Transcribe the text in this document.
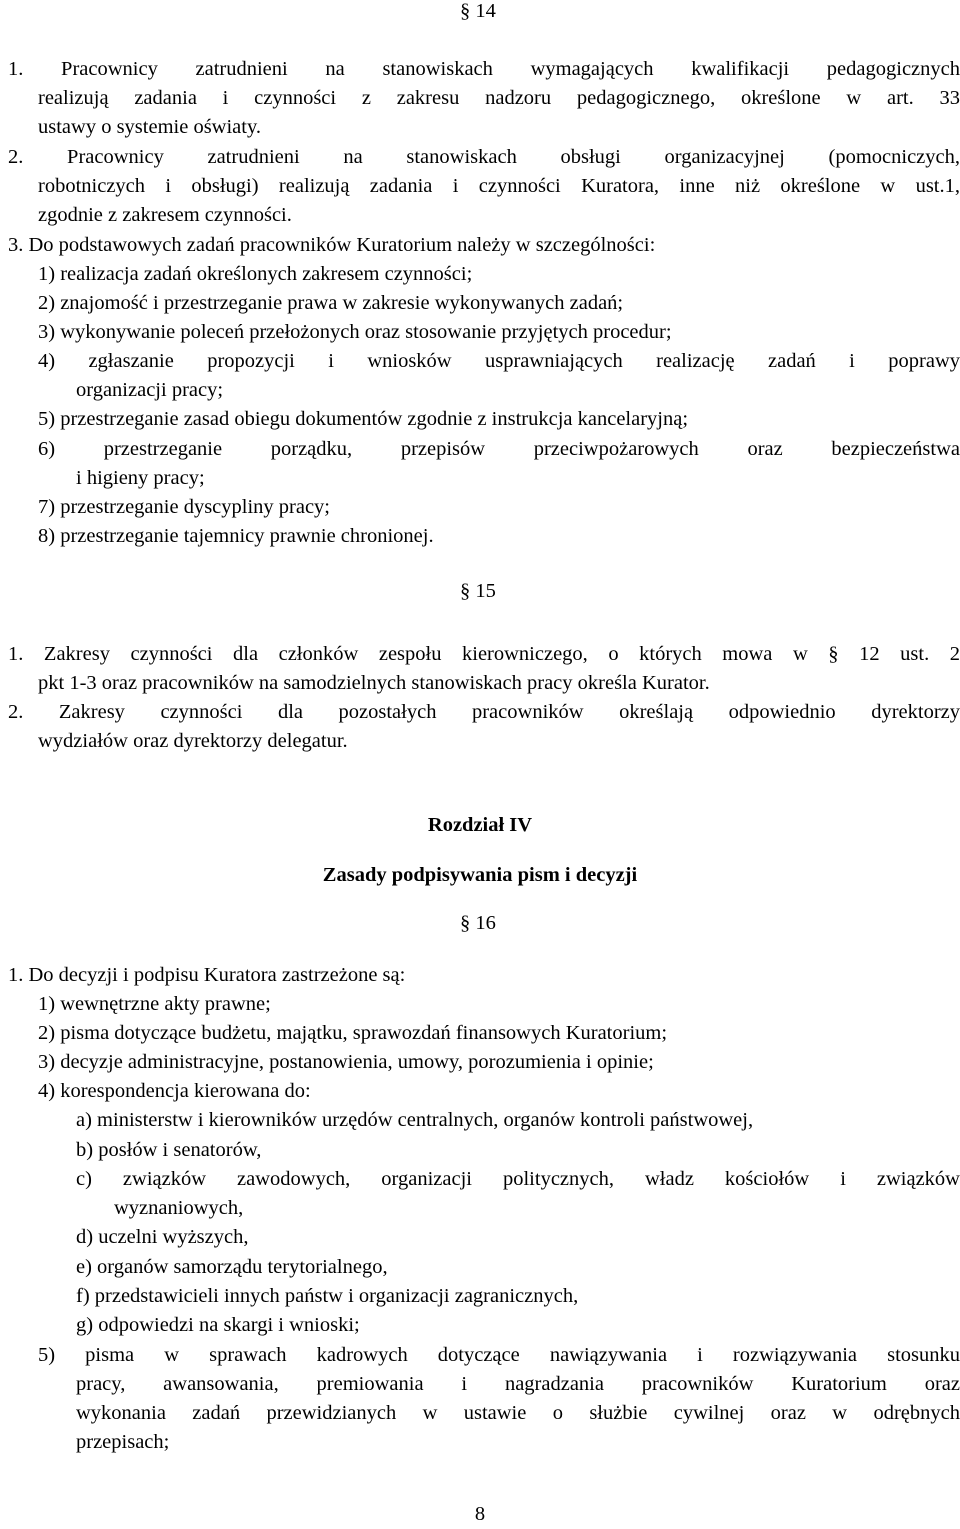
§ 14
1. Pracownicy zatrudnieni na stanowiskach wymagających kwalifikacji pedagogicznych
realizują zadania i czynności z zakresu nadzoru pedagogicznego, określone w art. 33
ustawy o systemie oświaty.
2. Pracownicy zatrudnieni na stanowiskach obsługi organizacyjnej (pomocniczych,
robotniczych i obsługi) realizują zadania i czynności Kuratora, inne niż określone w ust.1,
zgodnie z zakresem czynności.
3. Do podstawowych zadań pracowników Kuratorium należy w szczególności:
1) realizacja zadań określonych zakresem czynności;
2) znajomość i przestrzeganie prawa w zakresie wykonywanych zadań;
3) wykonywanie poleceń przełożonych oraz stosowanie przyjętych procedur;
4) zgłaszanie propozycji i wniosków usprawniających realizację zadań i poprawy
organizacji pracy;
5) przestrzeganie zasad obiegu dokumentów zgodnie z instrukcja kancelaryjną;
6) przestrzeganie porządku, przepisów przeciwpożarowych oraz bezpieczeństwa
i higieny pracy;
7) przestrzeganie dyscypliny pracy;
8) przestrzeganie tajemnicy prawnie chronionej.
§ 15
1. Zakresy czynności dla członków zespołu kierowniczego, o których mowa w § 12 ust. 2
pkt 1-3 oraz pracowników na samodzielnych stanowiskach pracy określa Kurator.
2. Zakresy czynności dla pozostałych pracowników określają odpowiednio dyrektorzy
wydziałów oraz dyrektorzy delegatur.
Rozdział IV
Zasady podpisywania pism i decyzji
§ 16
1. Do decyzji i podpisu Kuratora zastrzeżone są:
1) wewnętrzne akty prawne;
2) pisma dotyczące budżetu, majątku, sprawozdań finansowych Kuratorium;
3) decyzje administracyjne, postanowienia, umowy, porozumienia i opinie;
4) korespondencja kierowana do:
a) ministerstw i kierowników urzędów centralnych, organów kontroli państwowej,
b) posłów i senatorów,
c) związków zawodowych, organizacji politycznych, władz kościołów i związków
wyznaniowych,
d) uczelni wyższych,
e) organów samorządu terytorialnego,
f) przedstawicieli innych państw i organizacji zagranicznych,
g) odpowiedzi na skargi i wnioski;
5) pisma w sprawach kadrowych dotyczące nawiązywania i rozwiązywania stosunku
pracy, awansowania, premiowania i nagradzania pracowników Kuratorium oraz
wykonania zadań przewidzianych w ustawie o służbie cywilnej oraz w odrębnych
przepisach;
8
